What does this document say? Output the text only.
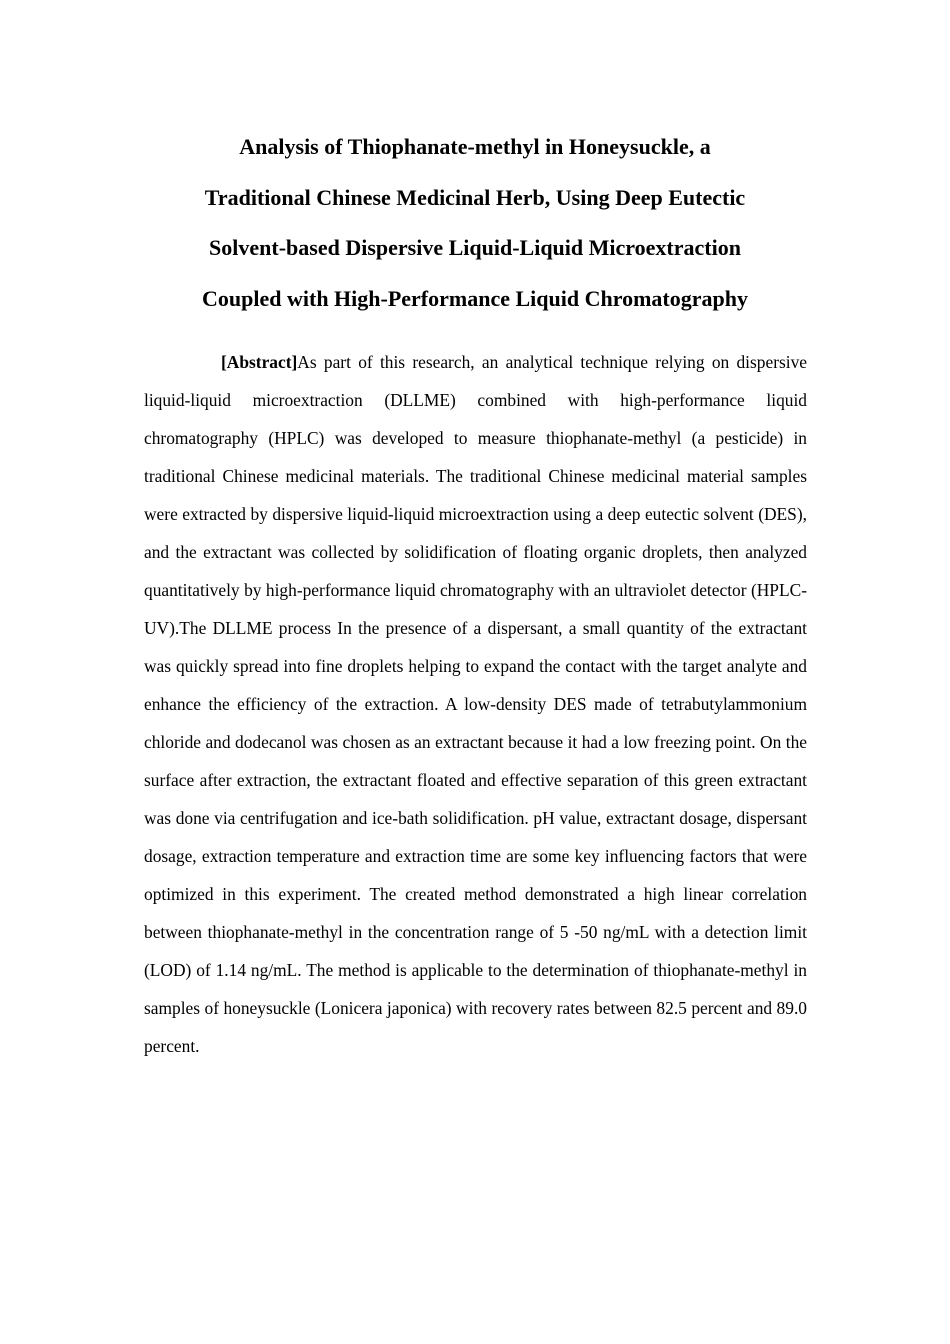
Analysis of Thiophanate-methyl in Honeysuckle, a
Traditional Chinese Medicinal Herb, Using Deep Eutectic
Solvent-based Dispersive Liquid-Liquid Microextraction
Coupled with High-Performance Liquid Chromatography

[Abstract]As part of this research, an analytical technique relying on dispersive liquid-liquid microextraction (DLLME) combined with high-performance liquid chromatography (HPLC) was developed to measure thiophanate-methyl (a pesticide) in traditional Chinese medicinal materials. The traditional Chinese medicinal material samples were extracted by dispersive liquid-liquid microextraction using a deep eutectic solvent (DES), and the extractant was collected by solidification of floating organic droplets, then analyzed quantitatively by high-performance liquid chromatography with an ultraviolet detector (HPLC-UV).The DLLME process In the presence of a dispersant, a small quantity of the extractant was quickly spread into fine droplets helping to expand the contact with the target analyte and enhance the efficiency of the extraction. A low-density DES made of tetrabutylammonium chloride and dodecanol was chosen as an extractant because it had a low freezing point. On the surface after extraction, the extractant floated and effective separation of this green extractant was done via centrifugation and ice-bath solidification. pH value, extractant dosage, dispersant dosage, extraction temperature and extraction time are some key influencing factors that were optimized in this experiment. The created method demonstrated a high linear correlation between thiophanate-methyl in the concentration range of 5 -50 ng/mL with a detection limit (LOD) of 1.14 ng/mL. The method is applicable to the determination of thiophanate-methyl in samples of honeysuckle (Lonicera japonica) with recovery rates between 82.5 percent and 89.0 percent.
